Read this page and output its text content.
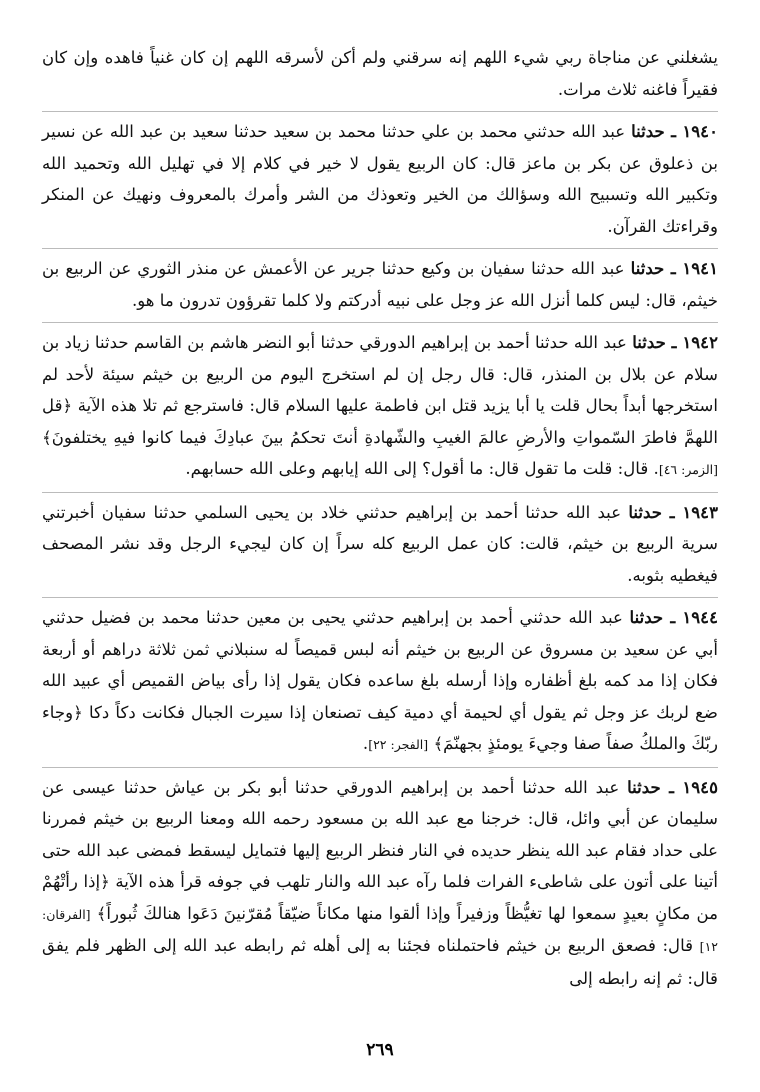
يشغلني عن مناجاة ربي شيء اللهم إنه سرقني ولم أكن لأسرقه اللهم إن كان غنياً فاهده وإن كان فقيراً فاغنه ثلاث مرات.

١٩٤٠ ـ حدثنا عبد الله حدثني محمد بن علي حدثنا محمد بن سعيد حدثنا سعيد بن عبد الله عن نسير بن ذعلوق عن بكر بن ماعز قال: كان الربيع يقول لا خير في كلام إلا في تهليل الله وتحميد الله وتكبير الله وتسبيح الله وسؤالك من الخير وتعوذك من الشر وأمرك بالمعروف ونهيك عن المنكر وقراءتك القرآن.

١٩٤١ ـ حدثنا عبد الله حدثنا سفيان بن وكيع حدثنا جرير عن الأعمش عن منذر الثوري عن الربيع بن خيثم، قال: ليس كلما أنزل الله عز وجل على نبيه أدركتم ولا كلما تقرؤون تدرون ما هو.

١٩٤٢ ـ حدثنا عبد الله حدثنا أحمد بن إبراهيم الدورقي حدثنا أبو النضر هاشم بن القاسم حدثنا زياد بن سلام عن بلال بن المنذر، قال: قال رجل إن لم استخرج اليوم من الربيع بن خيثم سيئة لأحد لم استخرجها أبداً بحال قلت يا أبا يزيد قتل ابن فاطمة عليها السلام قال: فاسترجع ثم تلا هذه الآية ﴿قل اللهمَّ فاطرَ السّمواتِ والأرضِ عالمَ الغيبِ والشّهادةِ أنتَ تحكمُ بينَ عبادِكَ فيما كانوا فيهِ يختلفونَ﴾ [الزمر: ٤٦]. قال: قلت ما تقول قال: ما أقول؟ إلى الله إيابهم وعلى الله حسابهم.

١٩٤٣ ـ حدثنا عبد الله حدثنا أحمد بن إبراهيم حدثني خلاد بن يحيى السلمي حدثنا سفيان أخبرتني سرية الربيع بن خيثم، قالت: كان عمل الربيع كله سراً إن كان ليجيء الرجل وقد نشر المصحف فيغطيه بثوبه.

١٩٤٤ ـ حدثنا عبد الله حدثني أحمد بن إبراهيم حدثني يحيى بن معين حدثنا محمد بن فضيل حدثني أبي عن سعيد بن مسروق عن الربيع بن خيثم أنه لبس قميصاً له سنبلاني ثمن ثلاثة دراهم أو أربعة فكان إذا مد كمه بلغ أظفاره وإذا أرسله بلغ ساعده فكان يقول إذا رأى بياض القميص أي عبيد الله ضع لربك عز وجل ثم يقول أي لحيمة أي دمية كيف تصنعان إذا سيرت الجبال فكانت دكاً دكا ﴿وجاء ربّكَ والملكُ صفاً صفا وجيءَ يومئذٍ بجهنّمَ﴾ [الفجر: ٢٢].

١٩٤٥ ـ حدثنا عبد الله حدثنا أحمد بن إبراهيم الدورقي حدثنا أبو بكر بن عياش حدثنا عيسى عن سليمان عن أبي وائل، قال: خرجنا مع عبد الله بن مسعود رحمه الله ومعنا الربيع بن خيثم فمررنا على حداد فقام عبد الله ينظر حديده في النار فنظر الربيع إليها فتمايل ليسقط فمضى عبد الله حتى أتينا على أتون على شاطىء الفرات فلما رآه عبد الله والنار تلهب في جوفه قرأ هذه الآية ﴿إذا رأتْهُمْ من مكانٍ بعيدٍ سمعوا لها تغيُّظاً وزفيراً وإذا ألقوا منها مكاناً ضيّقاً مُقرّنينَ دَعَوا هنالكَ ثُبوراً﴾ [الفرقان: ١٢] قال: فصعق الربيع بن خيثم فاحتملناه فجئنا به إلى أهله ثم رابطه عبد الله إلى الظهر فلم يفق قال: ثم إنه رابطه إلى

٢٦٩
